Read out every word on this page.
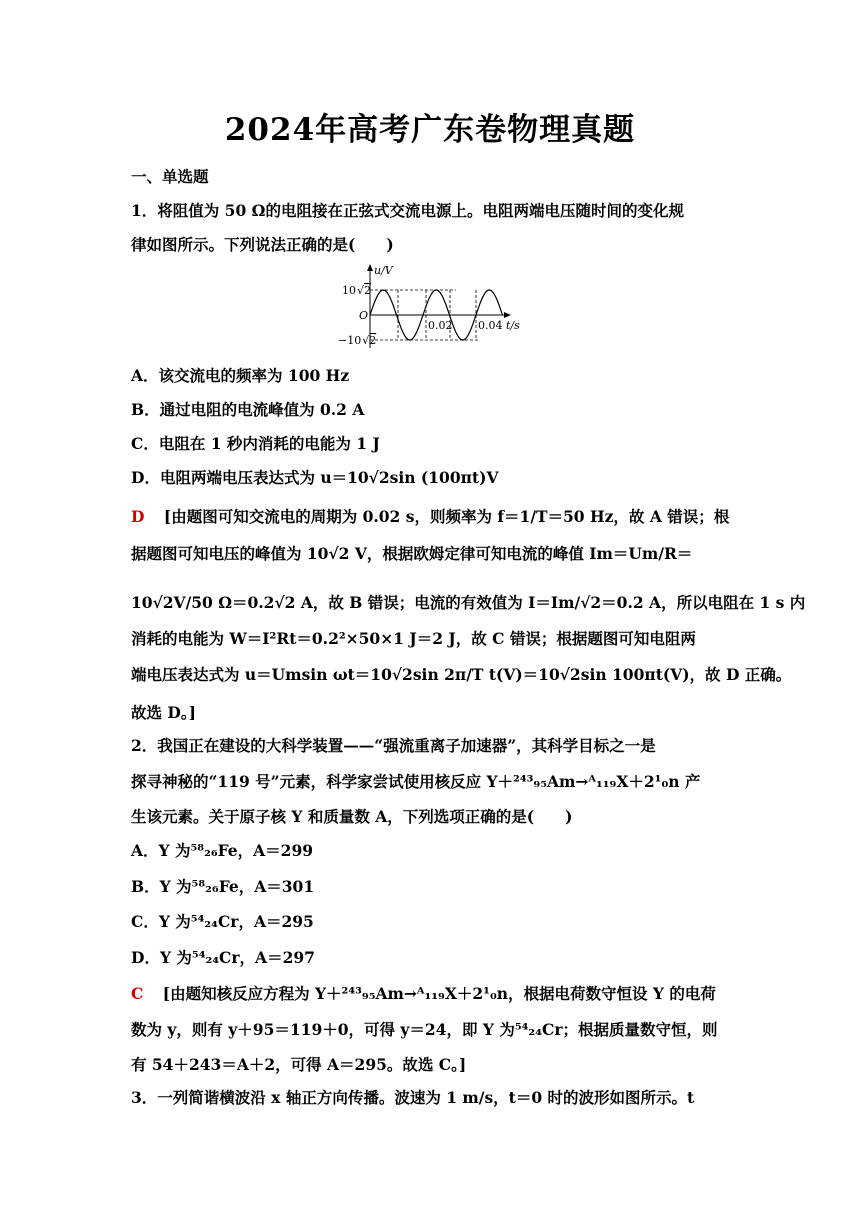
2024年高考广东卷物理真题
一、单选题
1．将阻值为 50 Ω的电阻接在正弦式交流电源上。电阻两端电压随时间的变化规
律如图所示。下列说法正确的是(　　)
u/V
O
10√2
−10√2
0.02 0.04 t/s
A．该交流电的频率为 100 Hz
B．通过电阻的电流峰值为 0.2 A
C．电阻在 1 秒内消耗的电能为 1 J
D．电阻两端电压表达式为 u＝10√2sin (100πt)V
D [由题图可知交流电的周期为 0.02 s，则频率为 f＝1/T＝50 Hz，故 A 错误；根
据题图可知电压的峰值为 10√2 V，根据欧姆定律可知电流的峰值 Im＝Um/R＝
10√2V/50 Ω＝0.2√2 A，故 B 错误；电流的有效值为 I＝Im/√2＝0.2 A，所以电阻在 1 s 内
消耗的电能为 W＝I²Rt＝0.2²×50×1 J＝2 J，故 C 错误；根据题图可知电阻两
端电压表达式为 u＝Umsin ωt＝10√2sin 2π/T t(V)＝10√2sin 100πt(V)，故 D 正确。
故选 D。]
2．我国正在建设的大科学装置——“强流重离子加速器”，其科学目标之一是
探寻神秘的“119 号”元素，科学家尝试使用核反应 Y＋²⁴³₉₅Am→ᴬ₁₁₉X＋2¹₀n 产
生该元素。关于原子核 Y 和质量数 A，下列选项正确的是(　　)
A．Y 为⁵⁸₂₆Fe，A＝299
B．Y 为⁵⁸₂₆Fe，A＝301
C．Y 为⁵⁴₂₄Cr，A＝295
D．Y 为⁵⁴₂₄Cr，A＝297
C [由题知核反应方程为 Y＋²⁴³₉₅Am→ᴬ₁₁₉X＋2¹₀n，根据电荷数守恒设 Y 的电荷
数为 y，则有 y＋95＝119＋0，可得 y＝24，即 Y 为⁵⁴₂₄Cr；根据质量数守恒，则
有 54＋243＝A＋2，可得 A＝295。故选 C。]
3．一列简谐横波沿 x 轴正方向传播。波速为 1 m/s，t＝0 时的波形如图所示。t
